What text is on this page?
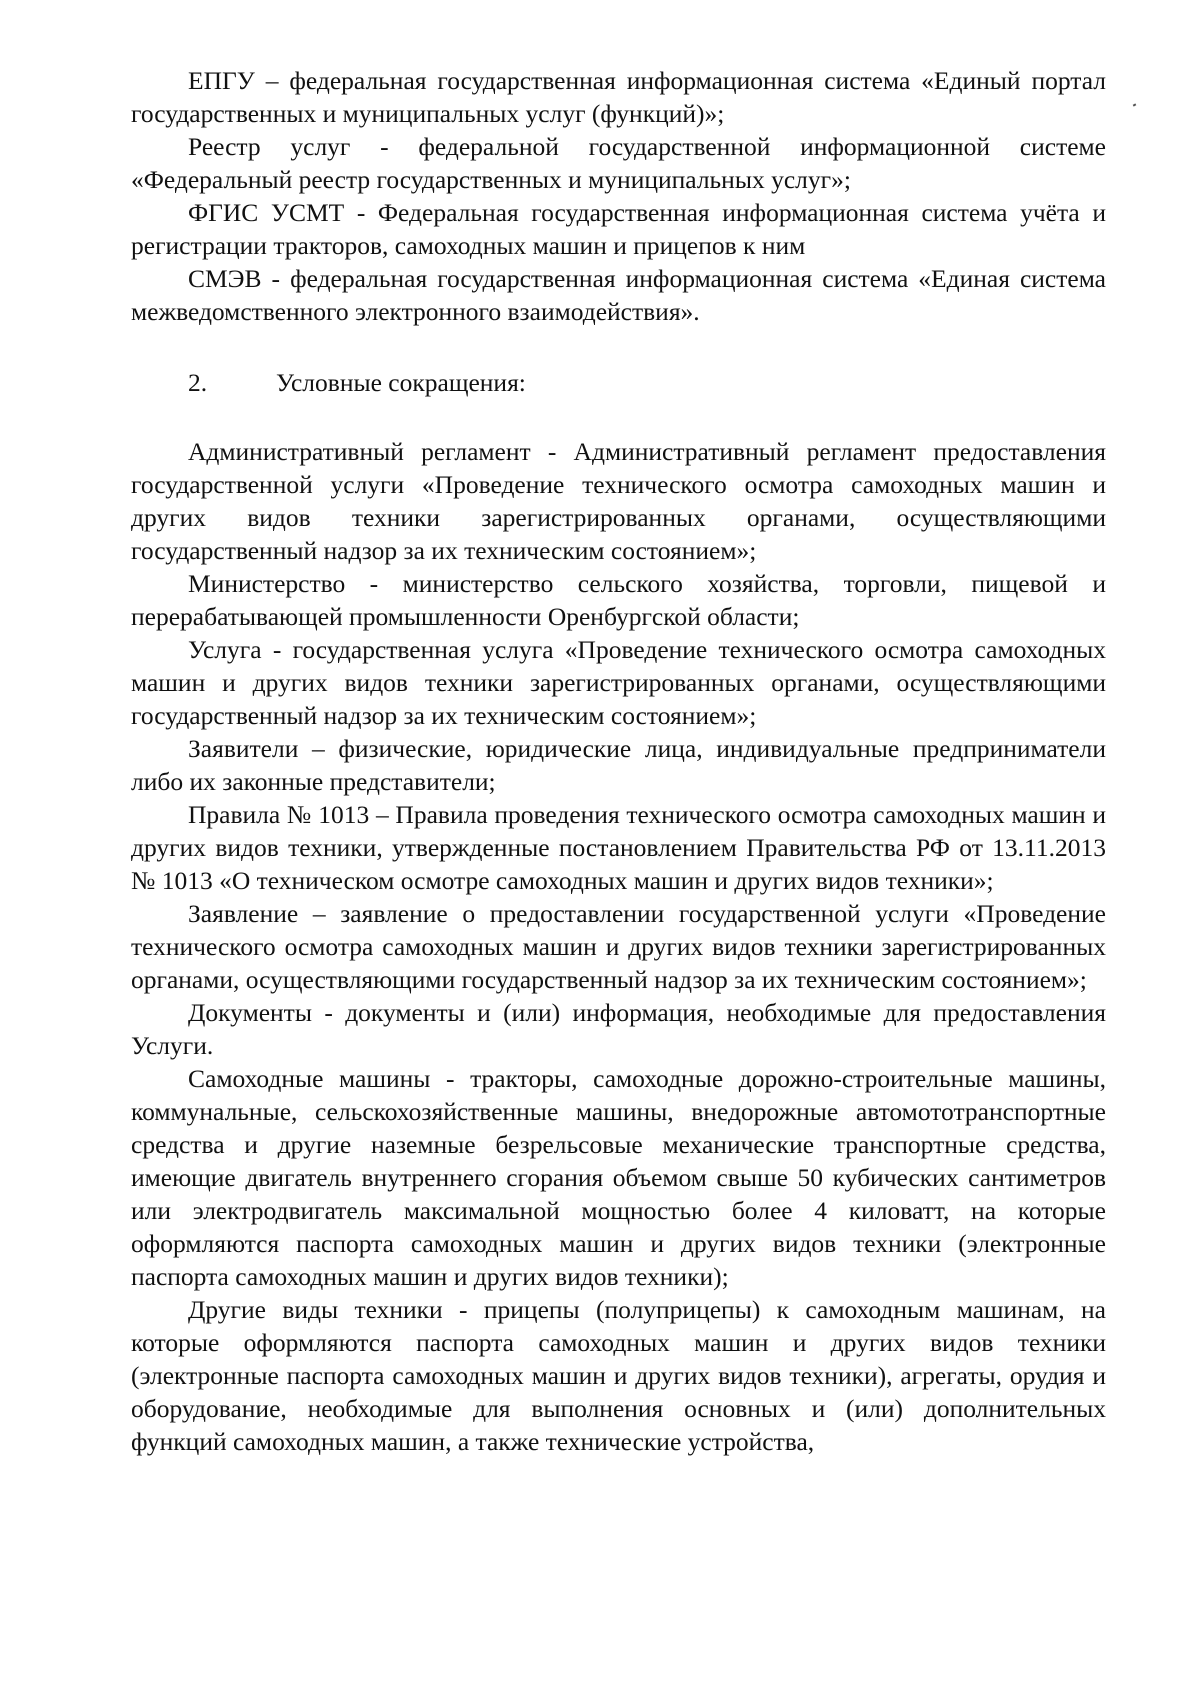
ЕПГУ – федеральная государственная информационная система «Единый портал государственных и муниципальных услуг (функций)»;

Реестр услуг - федеральной государственной информационной системе «Федеральный реестр государственных и муниципальных услуг»;

ФГИС УСМТ - Федеральная государственная информационная система учёта и регистрации тракторов, самоходных машин и прицепов к ним

СМЭВ - федеральная государственная информационная система «Единая система межведомственного электронного взаимодействия».

2.	Условные сокращения:

Административный регламент - Административный регламент предоставления государственной услуги «Проведение технического осмотра самоходных машин и других видов техники зарегистрированных органами, осуществляющими государственный надзор за их техническим состоянием»;

Министерство - министерство сельского хозяйства, торговли, пищевой и перерабатывающей промышленности Оренбургской области;

Услуга - государственная услуга «Проведение технического осмотра самоходных машин и других видов техники зарегистрированных органами, осуществляющими государственный надзор за их техническим состоянием»;

Заявители – физические, юридические лица, индивидуальные предприниматели либо их законные представители;

Правила № 1013 – Правила проведения технического осмотра самоходных машин и других видов техники, утвержденные постановлением Правительства РФ от 13.11.2013 № 1013 «О техническом осмотре самоходных машин и других видов техники»;

Заявление – заявление о предоставлении государственной услуги «Проведение технического осмотра самоходных машин и других видов техники зарегистрированных органами, осуществляющими государственный надзор за их техническим состоянием»;

Документы - документы и (или) информация, необходимые для предоставления Услуги.

Самоходные машины - тракторы, самоходные дорожно-строительные машины, коммунальные, сельскохозяйственные машины, внедорожные автомототранспортные средства и другие наземные безрельсовые механические транспортные средства, имеющие двигатель внутреннего сгорания объемом свыше 50 кубических сантиметров или электродвигатель максимальной мощностью более 4 киловатт, на которые оформляются паспорта самоходных машин и других видов техники (электронные паспорта самоходных машин и других видов техники);

Другие виды техники - прицепы (полуприцепы) к самоходным машинам, на которые оформляются паспорта самоходных машин и других видов техники (электронные паспорта самоходных машин и других видов техники), агрегаты, орудия и оборудование, необходимые для выполнения основных и (или) дополнительных функций самоходных машин, а также технические устройства,
